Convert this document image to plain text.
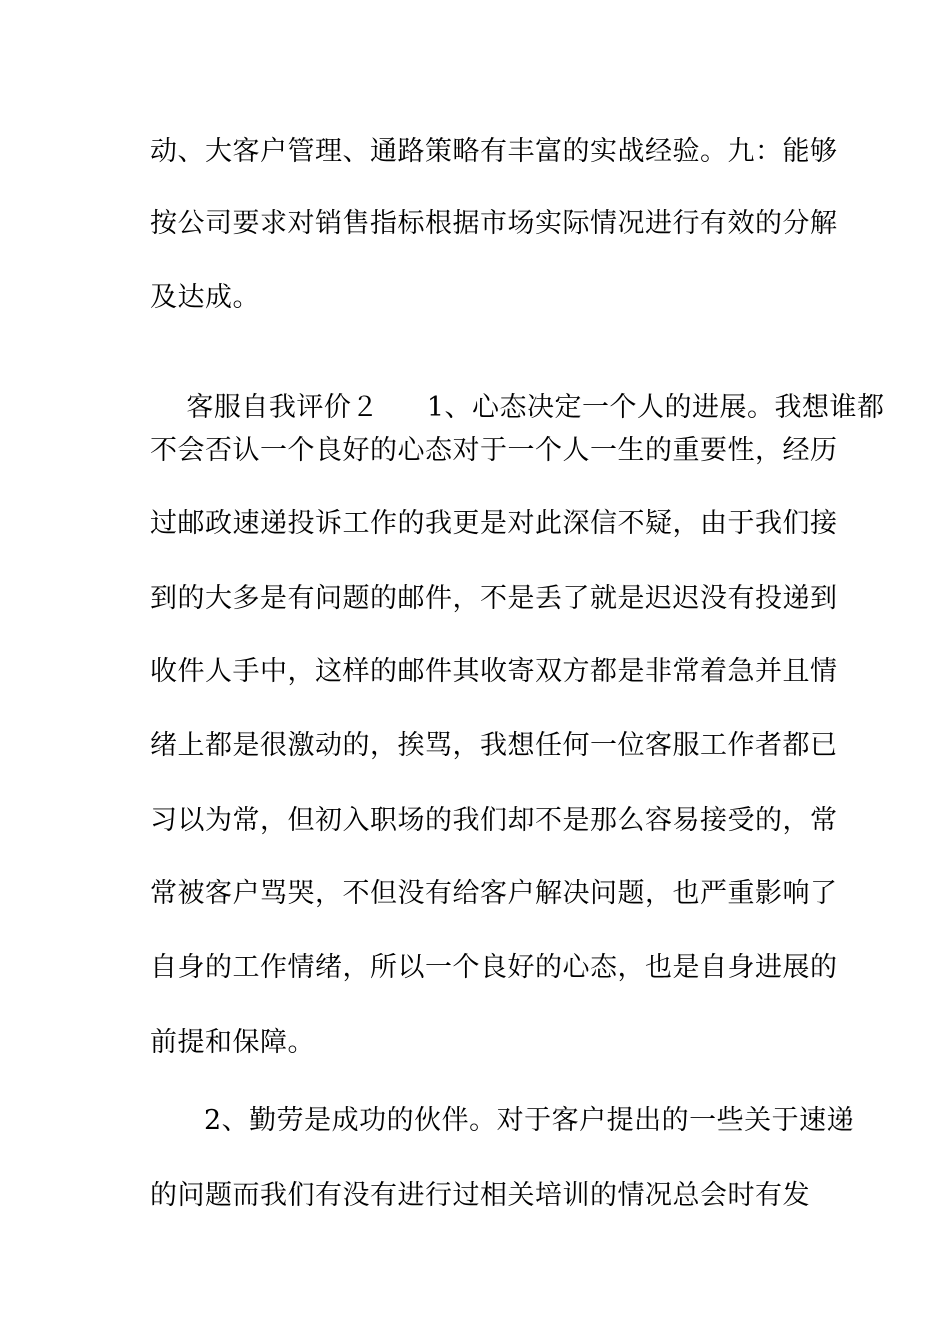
动、大客户管理、通路策略有丰富的实战经验。九：能够
按公司要求对销售指标根据市场实际情况进行有效的分解
及达成。

客服自我评价２ 1、心态决定一个人的进展。我想谁都

不会否认一个良好的心态对于一个人一生的重要性，经历
过邮政速递投诉工作的我更是对此深信不疑，由于我们接
到的大多是有问题的邮件，不是丢了就是迟迟没有投递到
收件人手中，这样的邮件其收寄双方都是非常着急并且情
绪上都是很激动的，挨骂，我想任何一位客服工作者都已
习以为常，但初入职场的我们却不是那么容易接受的，常
常被客户骂哭，不但没有给客户解决问题，也严重影响了
自身的工作情绪，所以一个良好的心态，也是自身进展的
前提和保障。
2、勤劳是成功的伙伴。对于客户提出的一些关于速递
的问题而我们有没有进行过相关培训的情况总会时有发
